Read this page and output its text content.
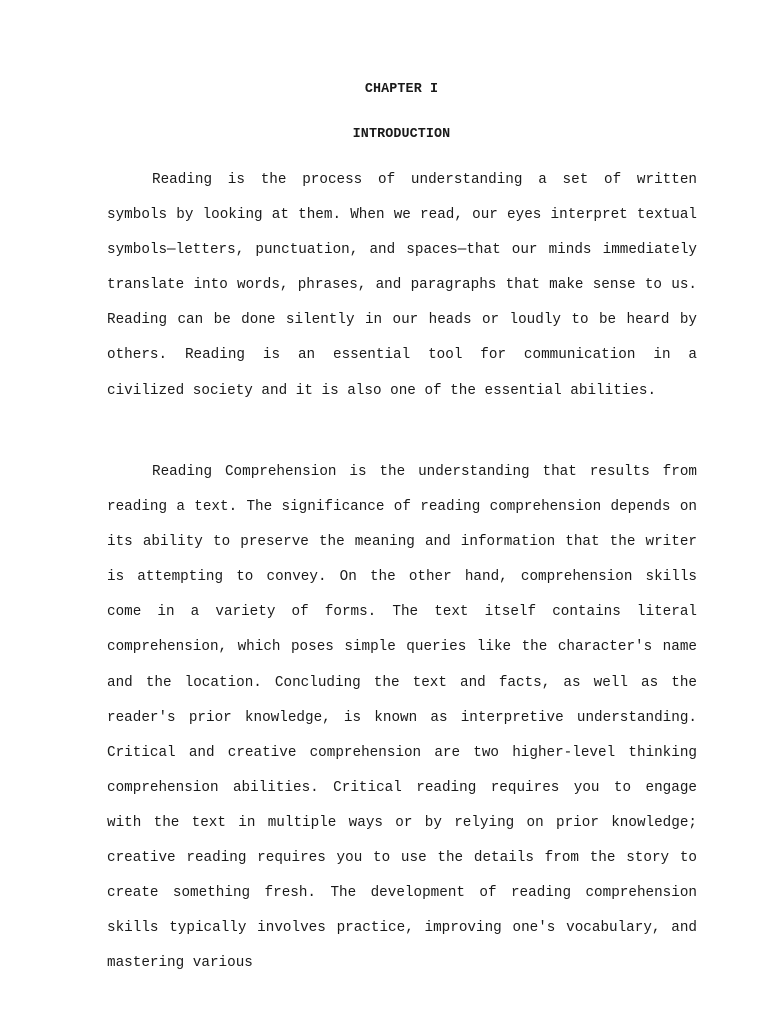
CHAPTER I
INTRODUCTION

Reading is the process of understanding a set of written symbols by looking at them. When we read, our eyes interpret textual symbols—letters, punctuation, and spaces—that our minds immediately translate into words, phrases, and paragraphs that make sense to us. Reading can be done silently in our heads or loudly to be heard by others. Reading is an essential tool for communication in a civilized society and it is also one of the essential abilities.

Reading Comprehension is the understanding that results from reading a text. The significance of reading comprehension depends on its ability to preserve the meaning and information that the writer is attempting to convey. On the other hand, comprehension skills come in a variety of forms. The text itself contains literal comprehension, which poses simple queries like the character's name and the location. Concluding the text and facts, as well as the reader's prior knowledge, is known as interpretive understanding. Critical and creative comprehension are two higher-level thinking comprehension abilities. Critical reading requires you to engage with the text in multiple ways or by relying on prior knowledge; creative reading requires you to use the details from the story to create something fresh. The development of reading comprehension skills typically involves practice, improving one's vocabulary, and mastering various
